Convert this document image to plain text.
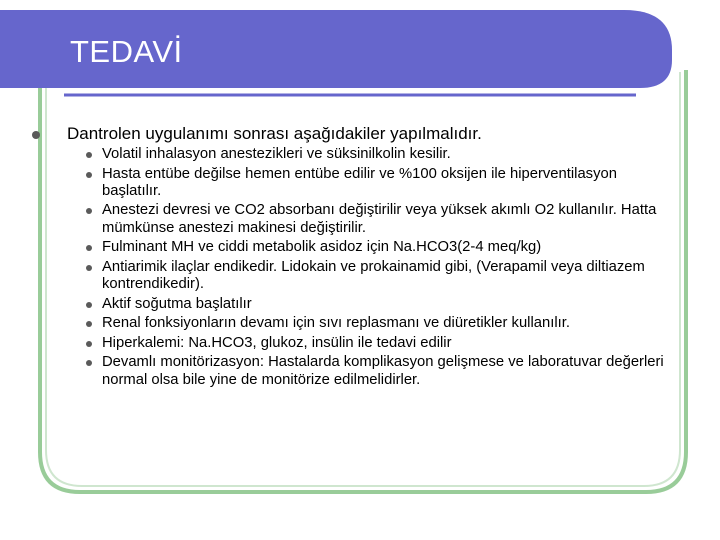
TEDAVİ
Dantrolen uygulanımı sonrası aşağıdakiler yapılmalıdır.
Volatil inhalasyon anestezikleri ve süksinilkolin kesilir.
Hasta entübe değilse hemen entübe edilir ve %100 oksijen ile hiperventilasyon başlatılır.
Anestezi devresi ve CO2 absorbanı değiştirilir veya yüksek akımlı O2 kullanılır. Hatta mümkünse anestezi makinesi değiştirilir.
Fulminant MH ve ciddi metabolik asidoz için Na.HCO3(2-4 meq/kg)
Antiarimik ilaçlar endikedir. Lidokain ve prokainamid gibi, (Verapamil veya diltiazem kontrendikedir).
Aktif soğutma başlatılır
Renal fonksiyonların devamı için sıvı replasmanı ve diüretikler kullanılır.
Hiperkalemi: Na.HCO3, glukoz, insülin ile tedavi edilir
Devamlı monitörizasyon: Hastalarda komplikasyon gelişmese ve laboratuvar değerleri normal olsa bile yine de monitörize edilmelidirler.
